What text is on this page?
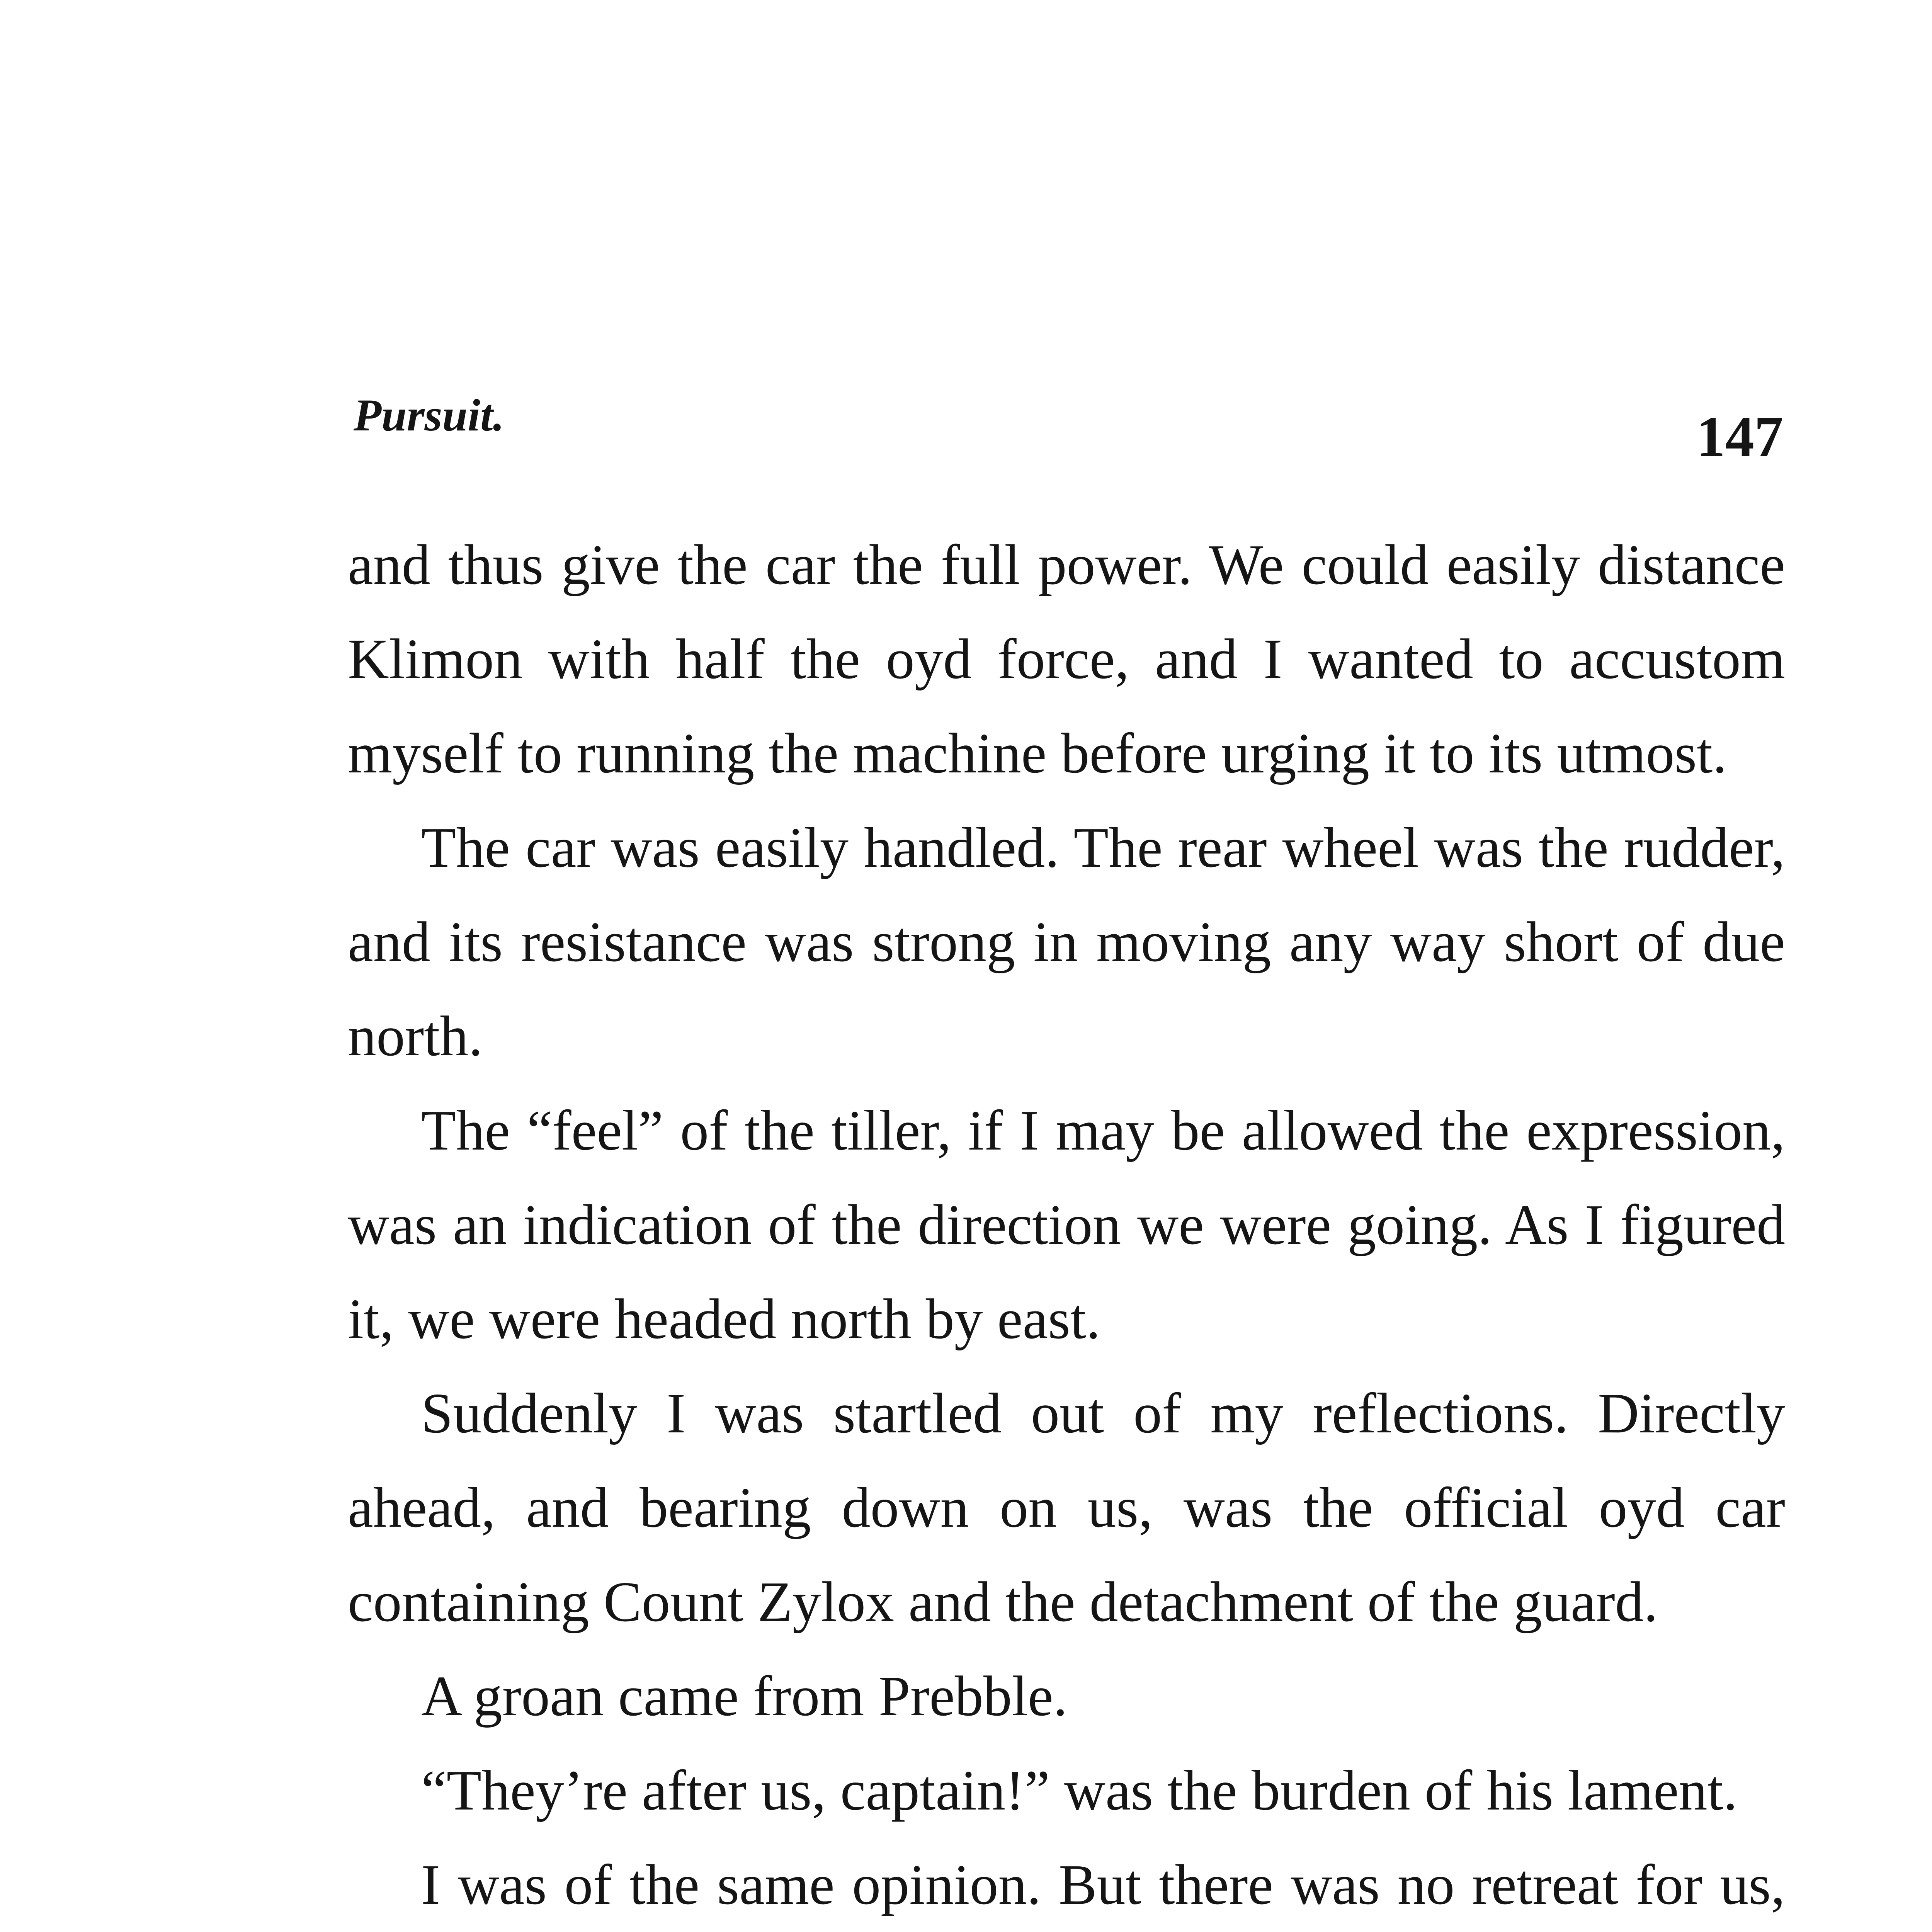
Pursuit.	147

and thus give the car the full power. We could easily distance Klimon with half the oyd force, and I wanted to accustom myself to running the machine before urging it to its utmost.

The car was easily handled. The rear wheel was the rudder, and its resistance was strong in moving any way short of due north.

The “feel” of the tiller, if I may be allowed the expression, was an indication of the direction we were going. As I figured it, we were headed north by east.

Suddenly I was startled out of my reflections. Directly ahead, and bearing down on us, was the official oyd car containing Count Zylox and the detachment of the guard.

A groan came from Prebble.

“They’re after us, captain!” was the burden of his lament.

I was of the same opinion. But there was no retreat for us,
